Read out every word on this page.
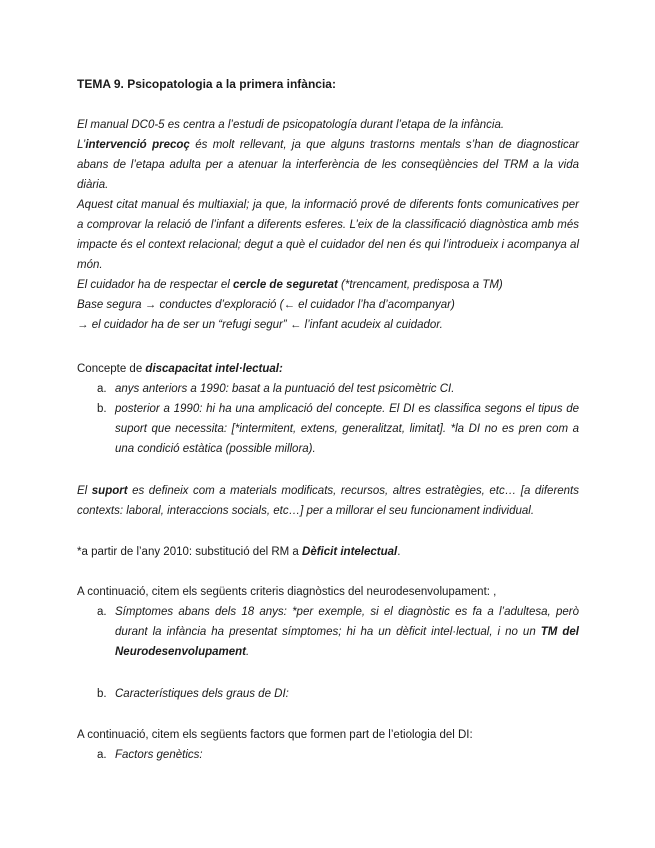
TEMA 9. Psicopatologia a la primera infància:
El manual DC0-5 es centra a l’estudi de psicopatología durant l’etapa de la infància.
L’intervenció precoç és molt rellevant, ja que alguns trastorns mentals s’han de diagnosticar abans de l’etapa adulta per a atenuar la interferència de les conseqüències del TRM a la vida diària.
Aquest citat manual és multiaxial; ja que, la informació prové de diferents fonts comunicatives per a comprovar la relació de l’infant a diferents esferes. L’eix de la classificació diagnòstica amb més impacte és el context relacional; degut a què el cuidador del nen és qui l’introdueix i acompanya al món.
El cuidador ha de respectar el cercle de seguretat (*trencament, predisposa a TM)
Base segura → conductes d’exploració (← el cuidador l’ha d’acompanyar)
→ el cuidador ha de ser un “refugi segur” ← l’infant acudeix al cuidador.
Concepte de discapacitat intel·lectual:
a. anys anteriors a 1990: basat a la puntuació del test psicomètric CI.
b. posterior a 1990: hi ha una amplicació del concepte. El DI es classifica segons el tipus de suport que necessita: [*intermitent, extens, generalitzat, limitat]. *la DI no es pren com a una condició estàtica (possible millora).
El suport es defineix com a materials modificats, recursos, altres estratègies, etc… [a diferents contexts: laboral, interaccions socials, etc…] per a millorar el seu funcionament individual.
*a partir de l’any 2010: substitució del RM a Dèficit intelectual.
A continuació, citem els següents criteris diagnòstics del neurodesenvolupament: ,
a. Símptomes abans dels 18 anys: *per exemple, si el diagnòstic es fa a l’adultesa, però durant la infància ha presentat símptomes; hi ha un dèficit intel·lectual, i no un TM del Neurodesenvolupament.
b. Característiques dels graus de DI:
A continuació, citem els següents factors que formen part de l’etiologia del DI:
a. Factors genètics:
